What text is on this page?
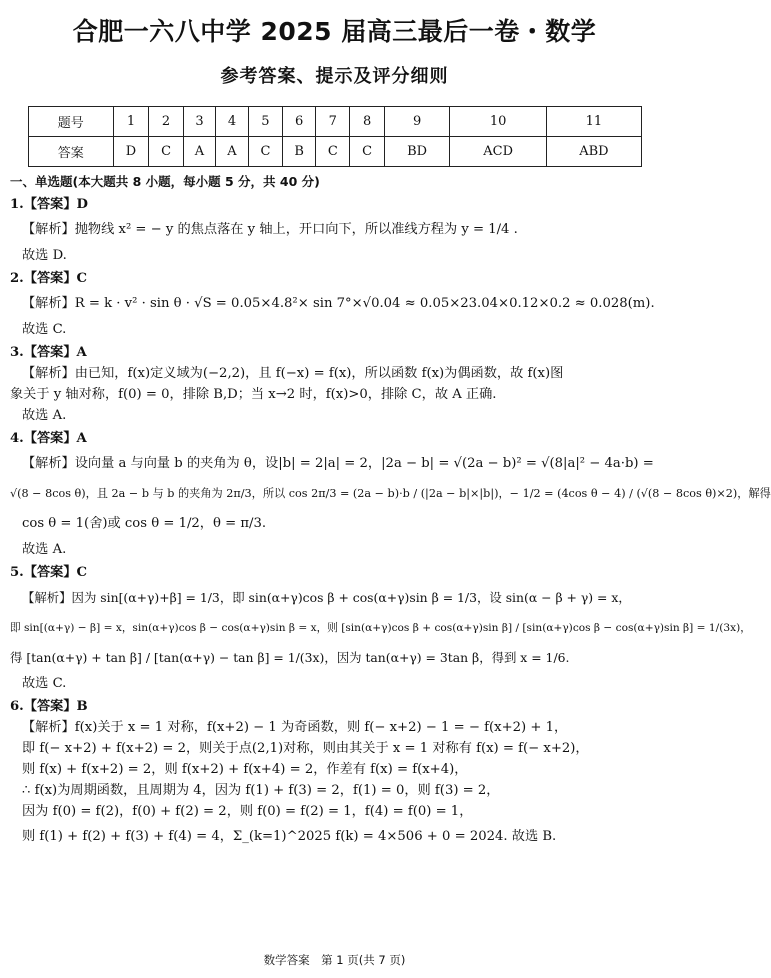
合肥一六八中学 2025 届高三最后一卷・数学
参考答案、提示及评分细则
题号	1	2	3	4	5	6	7	8	9	10	11
答案	D	C	A	A	C	B	C	C	BD	ACD	ABD
一、单选题(本大题共 8 小题，每小题 5 分，共 40 分)
1.【答案】D
【解析】抛物线 x² = − y 的焦点落在 y 轴上，开口向下，所以准线方程为 y = 1/4 .
故选 D.
2.【答案】C
【解析】R = k · v² · sin θ · √S = 0.05×4.8²× sin 7°×√0.04 ≈ 0.05×23.04×0.12×0.2 ≈ 0.028(m).
故选 C.
3.【答案】A
【解析】由已知，f(x)定义域为(−2,2)，且 f(−x) = f(x)，所以函数 f(x)为偶函数，故 f(x)图
象关于 y 轴对称，f(0) = 0，排除 B,D；当 x→2 时，f(x)>0，排除 C，故 A 正确.
故选 A.
4.【答案】A
【解析】设向量 a 与向量 b 的夹角为 θ，设|b| = 2|a| = 2，|2a − b| = √(2a − b)² = √(8|a|² − 4a·b) =
√(8 − 8cos θ)，且 2a − b 与 b 的夹角为 2π/3，所以 cos 2π/3 = (2a − b)·b / (|2a − b|×|b|)，− 1/2 = (4cos θ − 4) / (√(8 − 8cos θ)×2)，解得
cos θ = 1(舍)或 cos θ = 1/2，θ = π/3.
故选 A.
5.【答案】C
【解析】因为 sin[(α+γ)+β] = 1/3，即 sin(α+γ)cos β + cos(α+γ)sin β = 1/3，设 sin(α − β + γ) = x，
即 sin[(α+γ) − β] = x，sin(α+γ)cos β − cos(α+γ)sin β = x，则 [sin(α+γ)cos β + cos(α+γ)sin β] / [sin(α+γ)cos β − cos(α+γ)sin β] = 1/(3x)，
得 [tan(α+γ) + tan β] / [tan(α+γ) − tan β] = 1/(3x)，因为 tan(α+γ) = 3tan β，得到 x = 1/6.
故选 C.
6.【答案】B
【解析】f(x)关于 x = 1 对称，f(x+2) − 1 为奇函数，则 f(− x+2) − 1 = − f(x+2) + 1，
即 f(− x+2) + f(x+2) = 2，则关于点(2,1)对称，则由其关于 x = 1 对称有 f(x) = f(− x+2)，
则 f(x) + f(x+2) = 2，则 f(x+2) + f(x+4) = 2，作差有 f(x) = f(x+4)，
∴ f(x)为周期函数，且周期为 4，因为 f(1) + f(3) = 2，f(1) = 0，则 f(3) = 2，
因为 f(0) = f(2)，f(0) + f(2) = 2，则 f(0) = f(2) = 1，f(4) = f(0) = 1，
则 f(1) + f(2) + f(3) + f(4) = 4，Σ_(k=1)^2025 f(k) = 4×506 + 0 = 2024. 故选 B.
数学答案　第 1 页(共 7 页)
